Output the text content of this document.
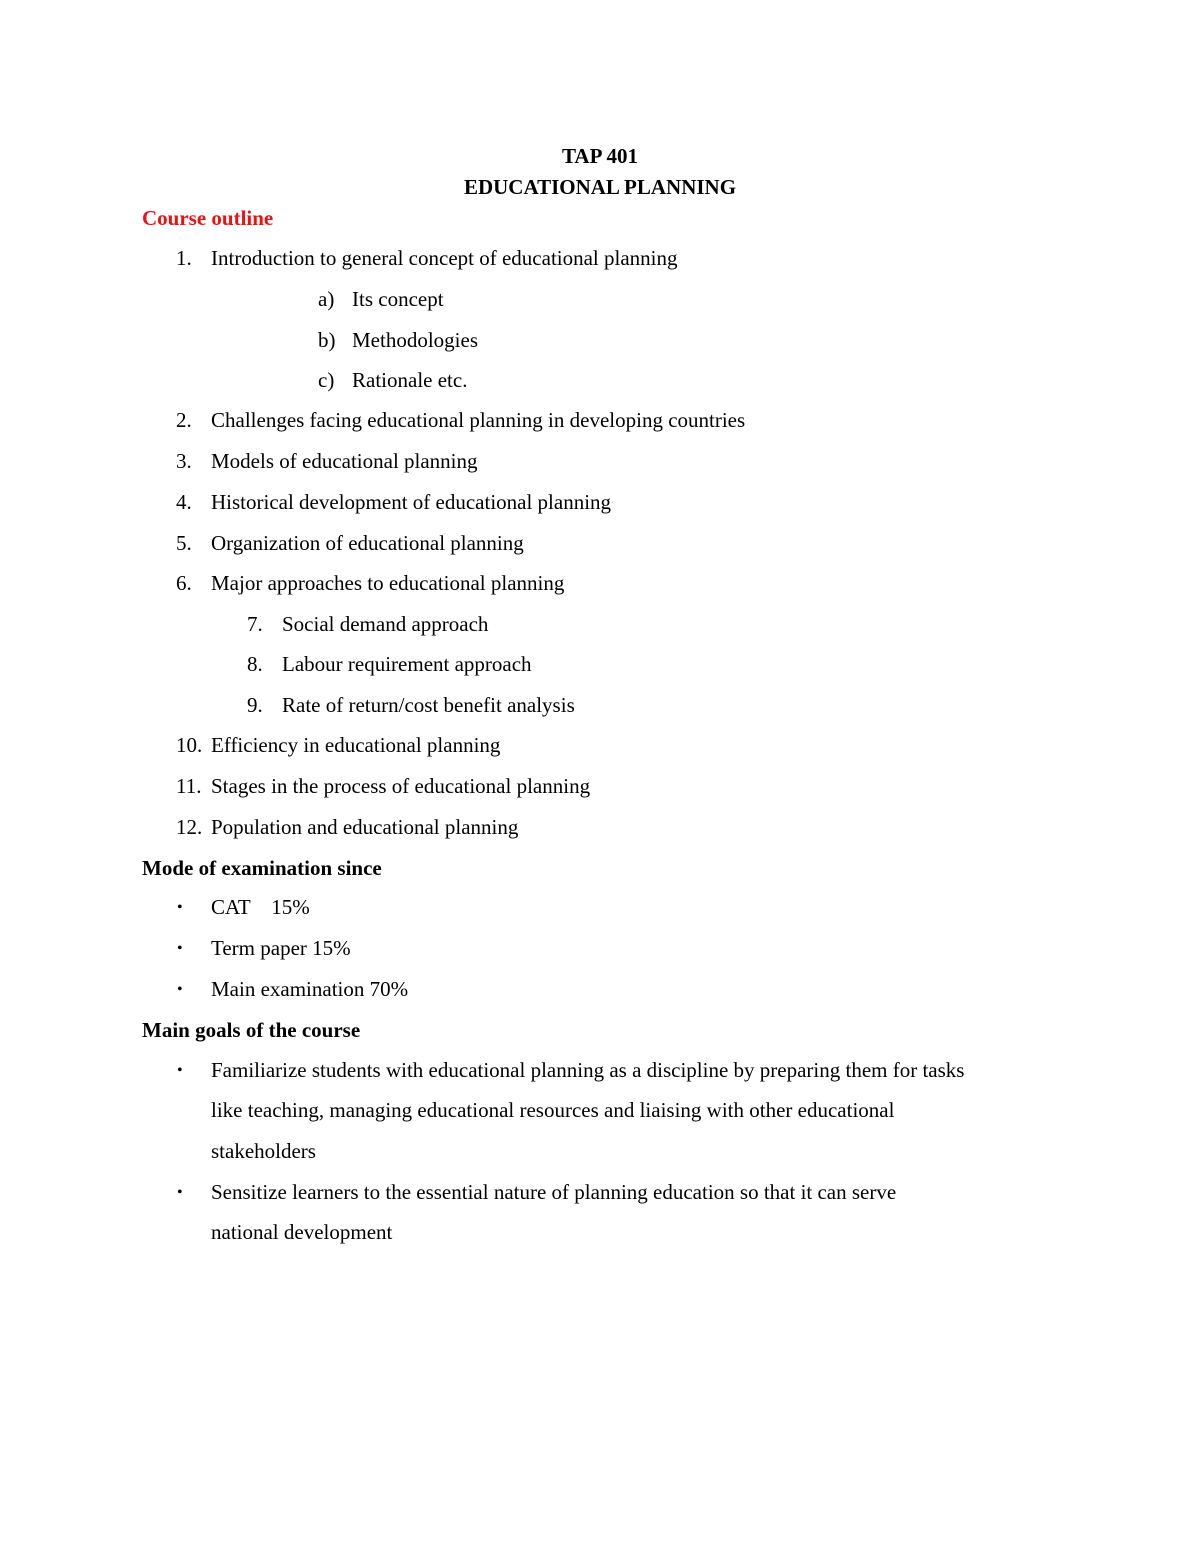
TAP 401
EDUCATIONAL PLANNING
Course outline
1. Introduction to general concept of educational planning
a) Its concept
b) Methodologies
c) Rationale etc.
2. Challenges facing educational planning in developing countries
3. Models of educational planning
4. Historical development of educational planning
5. Organization of educational planning
6. Major approaches to educational planning
7. Social demand approach
8. Labour requirement approach
9. Rate of return/cost benefit analysis
10. Efficiency in educational planning
11. Stages in the process of educational planning
12. Population and educational planning
Mode of examination since
• CAT    15%
• Term paper 15%
• Main examination 70%
Main goals of the course
• Familiarize students with educational planning as a discipline by preparing them for tasks
like teaching, managing educational resources and liaising with other educational
stakeholders
• Sensitize learners to the essential nature of planning education so that it can serve
national development
